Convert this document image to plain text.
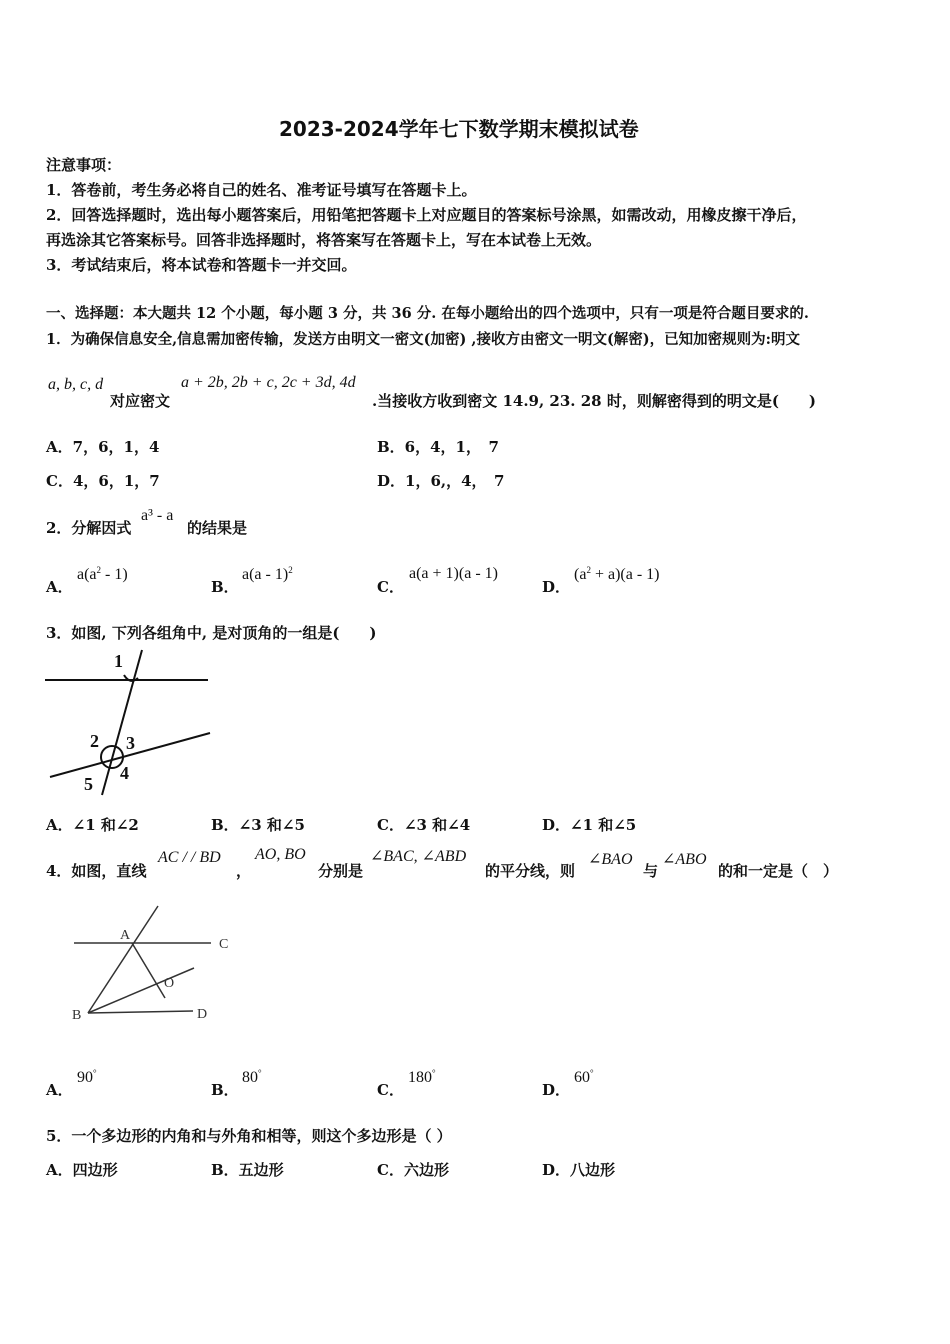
2023-2024学年七下数学期末模拟试卷
注意事项：
1．答卷前，考生务必将自己的姓名、准考证号填写在答题卡上。
2．回答选择题时，选出每小题答案后，用铅笔把答题卡上对应题目的答案标号涂黑，如需改动，用橡皮擦干净后，
再选涂其它答案标号。回答非选择题时，将答案写在答题卡上，写在本试卷上无效。
3．考试结束后，将本试卷和答题卡一并交回。
一、选择题：本大题共 12 个小题，每小题 3 分，共 36 分. 在每小题给出的四个选项中，只有一项是符合题目要求的.
1．为确保信息安全,信息需加密传输，发送方由明文一密文(加密) ,接收方由密文一明文(解密)，已知加密规则为:明文
a, b, c, d
对应密文
a + 2b, 2b + c, 2c + 3d, 4d
.当接收方收到密文 14.9, 23. 28 时，则解密得到的明文是(　　)
A．7，6，1，4	B．6，4，1，　7
C．4，6，1，7	D．1，6,，4，　7
2．分解因式
a³ - a
的结果是
A．
$a(a^2 - 1)$
B．
a(a - 1)$^2$
C．
a(a + 1)(a - 1)
D．
$(a^2 + a)(a - 1)$
3．如图, 下列各组角中, 是对顶角的一组是(　　)
1
2 3
4
5
A．∠1 和∠2	B．∠3 和∠5	C．∠3 和∠4	D．∠1 和∠5
4．如图，直线
AC / / BD
，
AO, BO
分别是
∠BAC, ∠ABD
的平分线，则
∠BAO
与
∠ABO
的和一定是（　）
A
C
O
B	D
A．
90°
B．
80°
C．
180°
D．
60°
5．一个多边形的内角和与外角和相等，则这个多边形是（ ）
A．四边形	B．五边形	C．六边形	D．八边形
